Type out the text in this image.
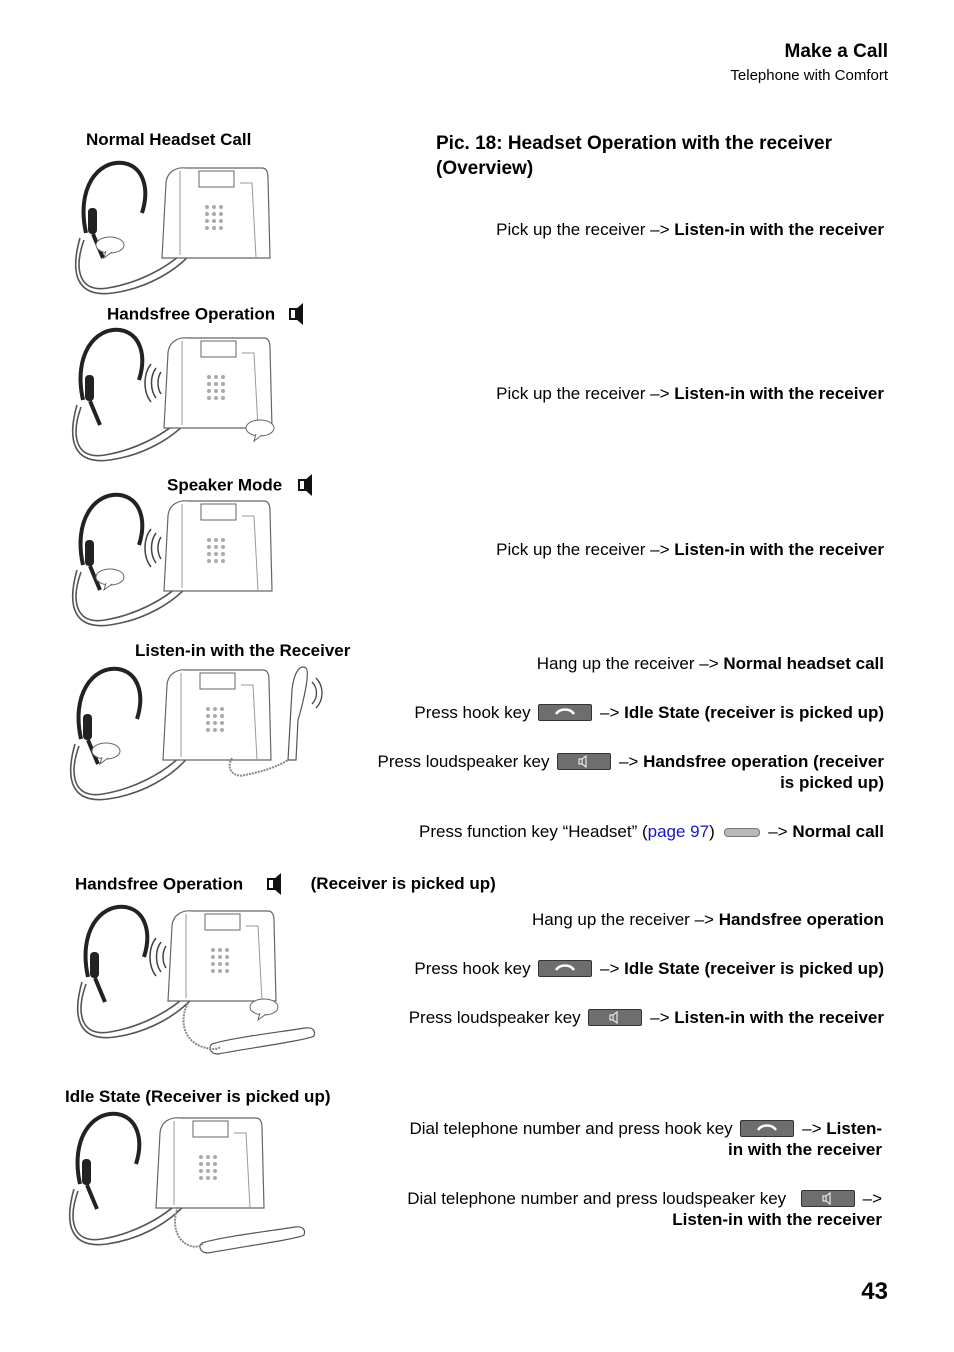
Make a Call
Telephone with Comfort
Pic. 18: Headset Operation with the receiver (Overview)
Normal Headset Call
Pick up the receiver –> Listen-in with the receiver
Handsfree Operation
Pick up the receiver –> Listen-in with the receiver
Speaker Mode
Pick up the receiver –> Listen-in with the receiver
Listen-in with the Receiver
Hang up the receiver –> Normal headset call
Press hook key	–> Idle State (receiver is picked up)
Press loudspeaker key	–> Handsfree operation (receiver
is picked up)
Press function key “Headset” (page 97)	–> Normal call
Handsfree Operation	(Receiver is picked up)
Hang up the receiver –> Handsfree operation
Press hook key	–> Idle State (receiver is picked up)
Press loudspeaker key	–> Listen-in with the receiver
Idle State (Receiver is picked up)
Dial telephone number and press hook key	–> Listen-
in with the receiver
Dial telephone number and press loudspeaker key	–>
Listen-in with the receiver
43
